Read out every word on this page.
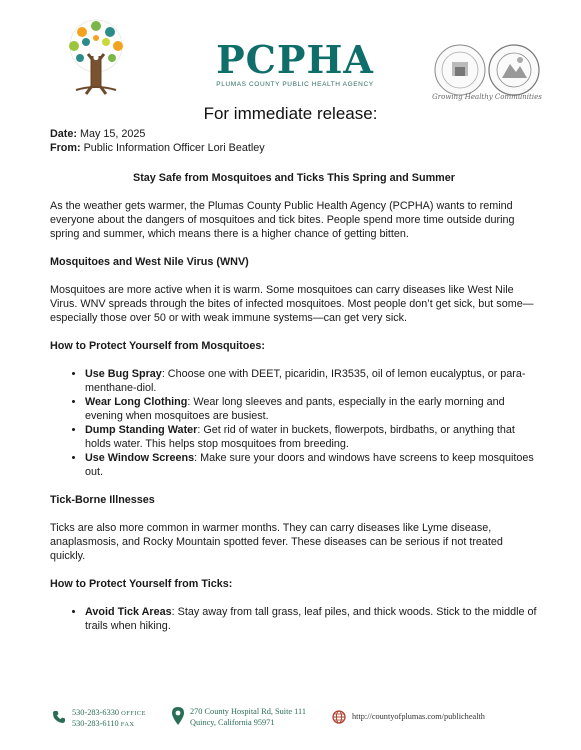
PCPHA
PLUMAS COUNTY PUBLIC HEALTH AGENCY
Growing Healthy Communities
For immediate release:
Date: May 15, 2025
From: Public Information Officer Lori Beatley
Stay Safe from Mosquitoes and Ticks This Spring and Summer

As the weather gets warmer, the Plumas County Public Health Agency (PCPHA) wants to remind everyone about the dangers of mosquitoes and tick bites. People spend more time outside during spring and summer, which means there is a higher chance of getting bitten.

Mosquitoes and West Nile Virus (WNV)

Mosquitoes are more active when it is warm. Some mosquitoes can carry diseases like West Nile Virus. WNV spreads through the bites of infected mosquitoes. Most people don’t get sick, but some—especially those over 50 or with weak immune systems—can get very sick.

How to Protect Yourself from Mosquitoes:
• Use Bug Spray: Choose one with DEET, picaridin, IR3535, oil of lemon eucalyptus, or para-menthane-diol.
• Wear Long Clothing: Wear long sleeves and pants, especially in the early morning and evening when mosquitoes are busiest.
• Dump Standing Water: Get rid of water in buckets, flowerpots, birdbaths, or anything that holds water. This helps stop mosquitoes from breeding.
• Use Window Screens: Make sure your doors and windows have screens to keep mosquitoes out.
Tick-Borne Illnesses

Ticks are also more common in warmer months. They can carry diseases like Lyme disease, anaplasmosis, and Rocky Mountain spotted fever. These diseases can be serious if not treated quickly.

How to Protect Yourself from Ticks:
• Avoid Tick Areas: Stay away from tall grass, leaf piles, and thick woods. Stick to the middle of trails when hiking.
530-283-6330 OFFICE
530-283-6110 FAX
270 County Hospital Rd, Suite 111
Quincy, California 95971
http://countyofplumas.com/publichealth
